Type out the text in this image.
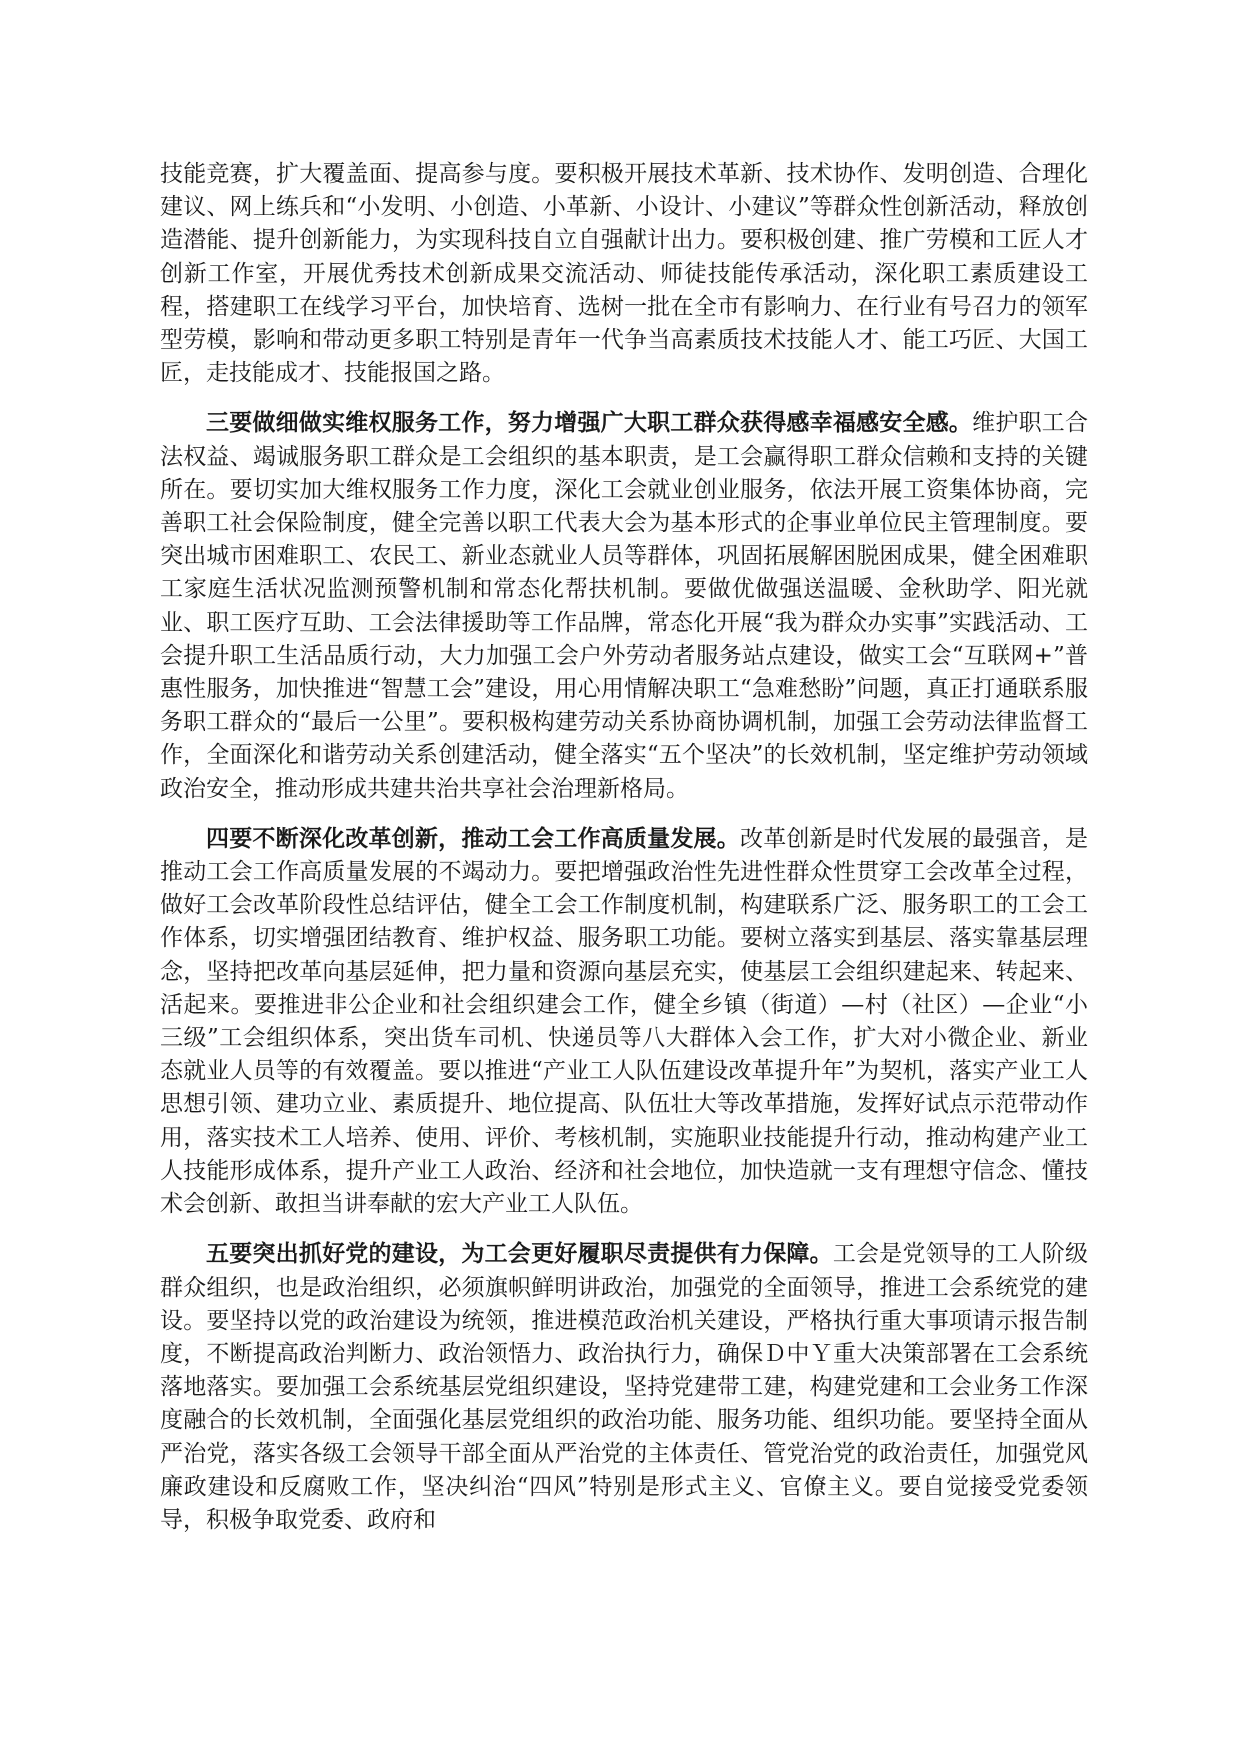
技能竞赛，扩大覆盖面、提高参与度。要积极开展技术革新、技术协作、发明创造、合理化建议、网上练兵和“小发明、小创造、小革新、小设计、小建议”等群众性创新活动，释放创造潜能、提升创新能力，为实现科技自立自强献计出力。要积极创建、推广劳模和工匠人才创新工作室，开展优秀技术创新成果交流活动、师徒技能传承活动，深化职工素质建设工程，搭建职工在线学习平台，加快培育、选树一批在全市有影响力、在行业有号召力的领军型劳模，影响和带动更多职工特别是青年一代争当高素质技术技能人才、能工巧匠、大国工匠，走技能成才、技能报国之路。

三要做细做实维权服务工作，努力增强广大职工群众获得感幸福感安全感。维护职工合法权益、竭诚服务职工群众是工会组织的基本职责，是工会赢得职工群众信赖和支持的关键所在。要切实加大维权服务工作力度，深化工会就业创业服务，依法开展工资集体协商，完善职工社会保险制度，健全完善以职工代表大会为基本形式的企事业单位民主管理制度。要突出城市困难职工、农民工、新业态就业人员等群体，巩固拓展解困脱困成果，健全困难职工家庭生活状况监测预警机制和常态化帮扶机制。要做优做强送温暖、金秋助学、阳光就业、职工医疗互助、工会法律援助等工作品牌，常态化开展“我为群众办实事”实践活动、工会提升职工生活品质行动，大力加强工会户外劳动者服务站点建设，做实工会“互联网+”普惠性服务，加快推进“智慧工会”建设，用心用情解决职工“急难愁盼”问题，真正打通联系服务职工群众的“最后一公里”。要积极构建劳动关系协商协调机制，加强工会劳动法律监督工作，全面深化和谐劳动关系创建活动，健全落实“五个坚决”的长效机制，坚定维护劳动领域政治安全，推动形成共建共治共享社会治理新格局。

四要不断深化改革创新，推动工会工作高质量发展。改革创新是时代发展的最强音，是推动工会工作高质量发展的不竭动力。要把增强政治性先进性群众性贯穿工会改革全过程，做好工会改革阶段性总结评估，健全工会工作制度机制，构建联系广泛、服务职工的工会工作体系，切实增强团结教育、维护权益、服务职工功能。要树立落实到基层、落实靠基层理念，坚持把改革向基层延伸，把力量和资源向基层充实，使基层工会组织建起来、转起来、活起来。要推进非公企业和社会组织建会工作，健全乡镇（街道）—村（社区）—企业“小三级”工会组织体系，突出货车司机、快递员等八大群体入会工作，扩大对小微企业、新业态就业人员等的有效覆盖。要以推进“产业工人队伍建设改革提升年”为契机，落实产业工人思想引领、建功立业、素质提升、地位提高、队伍壮大等改革措施，发挥好试点示范带动作用，落实技术工人培养、使用、评价、考核机制，实施职业技能提升行动，推动构建产业工人技能形成体系，提升产业工人政治、经济和社会地位，加快造就一支有理想守信念、懂技术会创新、敢担当讲奉献的宏大产业工人队伍。

五要突出抓好党的建设，为工会更好履职尽责提供有力保障。工会是党领导的工人阶级群众组织，也是政治组织，必须旗帜鲜明讲政治，加强党的全面领导，推进工会系统党的建设。要坚持以党的政治建设为统领，推进模范政治机关建设，严格执行重大事项请示报告制度，不断提高政治判断力、政治领悟力、政治执行力，确保Ｄ中Ｙ重大决策部署在工会系统落地落实。要加强工会系统基层党组织建设，坚持党建带工建，构建党建和工会业务工作深度融合的长效机制，全面强化基层党组织的政治功能、服务功能、组织功能。要坚持全面从严治党，落实各级工会领导干部全面从严治党的主体责任、管党治党的政治责任，加强党风廉政建设和反腐败工作，坚决纠治“四风”特别是形式主义、官僚主义。要自觉接受党委领导，积极争取党委、政府和
